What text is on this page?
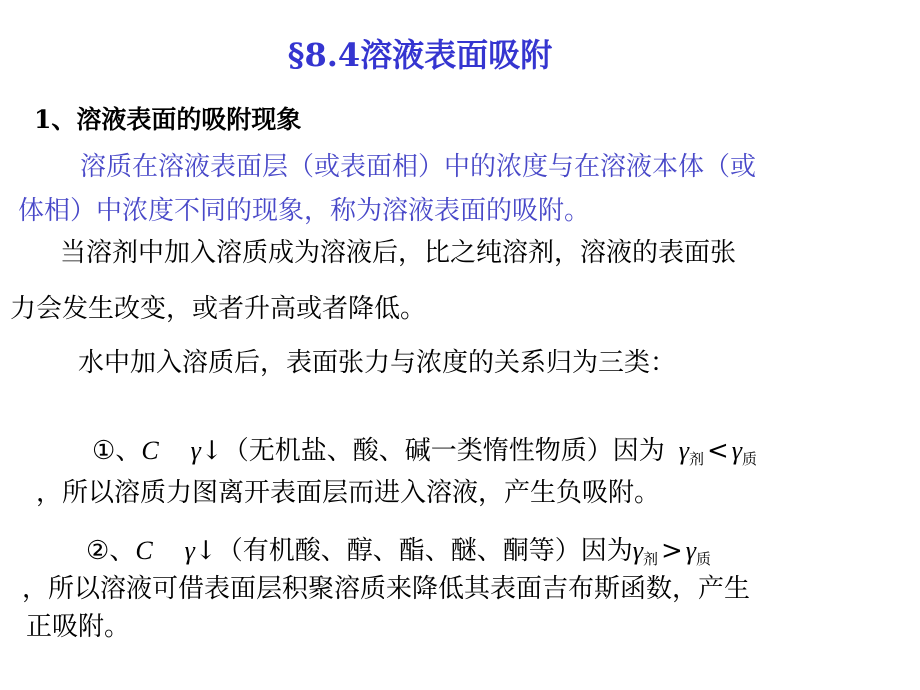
§8.4溶液表面吸附
1、溶液表面的吸附现象
溶质在溶液表面层（或表面相）中的浓度与在溶液本体（或
体相）中浓度不同的现象，称为溶液表面的吸附。
当溶剂中加入溶质成为溶液后，比之纯溶剂，溶液的表面张
力会发生改变，或者升高或者降低。
水中加入溶质后，表面张力与浓度的关系归为三类：
①、C γ↓（无机盐、酸、碱一类惰性物质）因为 $\gamma_剂 < \gamma_质$
，所以溶质力图离开表面层而进入溶液，产生负吸附。
②、C γ↓（有机酸、醇、酯、醚、酮等）因为$\gamma_剂 > \gamma_质$
，所以溶液可借表面层积聚溶质来降低其表面吉布斯函数，产生
正吸附。
